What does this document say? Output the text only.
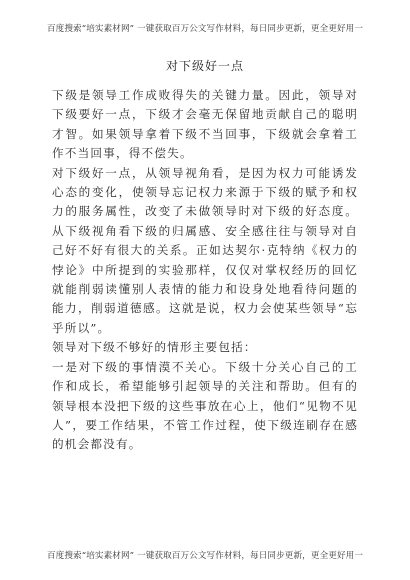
百度搜索“培实素材网” 一键获取百万公文写作材料，每日同步更新，更全更好用一
对下级好一点

下级是领导工作成败得失的关键力量。因此，领导对下级要好一点，下级才会毫无保留地贡献自己的聪明才智。如果领导拿着下级不当回事，下级就会拿着工作不当回事，得不偿失。

对下级好一点，从领导视角看，是因为权力可能诱发心态的变化，使领导忘记权力来源于下级的赋予和权力的服务属性，改变了未做领导时对下级的好态度。从下级视角看下级的归属感、安全感往往与领导对自己好不好有很大的关系。正如达契尔·克特纳《权力的悖论》中所提到的实验那样，仅仅对掌权经历的回忆就能削弱读懂别人表情的能力和设身处地看待问题的能力，削弱道德感。这就是说，权力会使某些领导“忘乎所以”。

领导对下级不够好的情形主要包括：

一是对下级的事情漠不关心。下级十分关心自己的工作和成长，希望能够引起领导的关注和帮助。但有的领导根本没把下级的这些事放在心上，他们“见物不见人”，要工作结果，不管工作过程，使下级连刷存在感的机会都没有。

百度搜索“培实素材网” 一键获取百万公文写作材料，每日同步更新，更全更好用一
